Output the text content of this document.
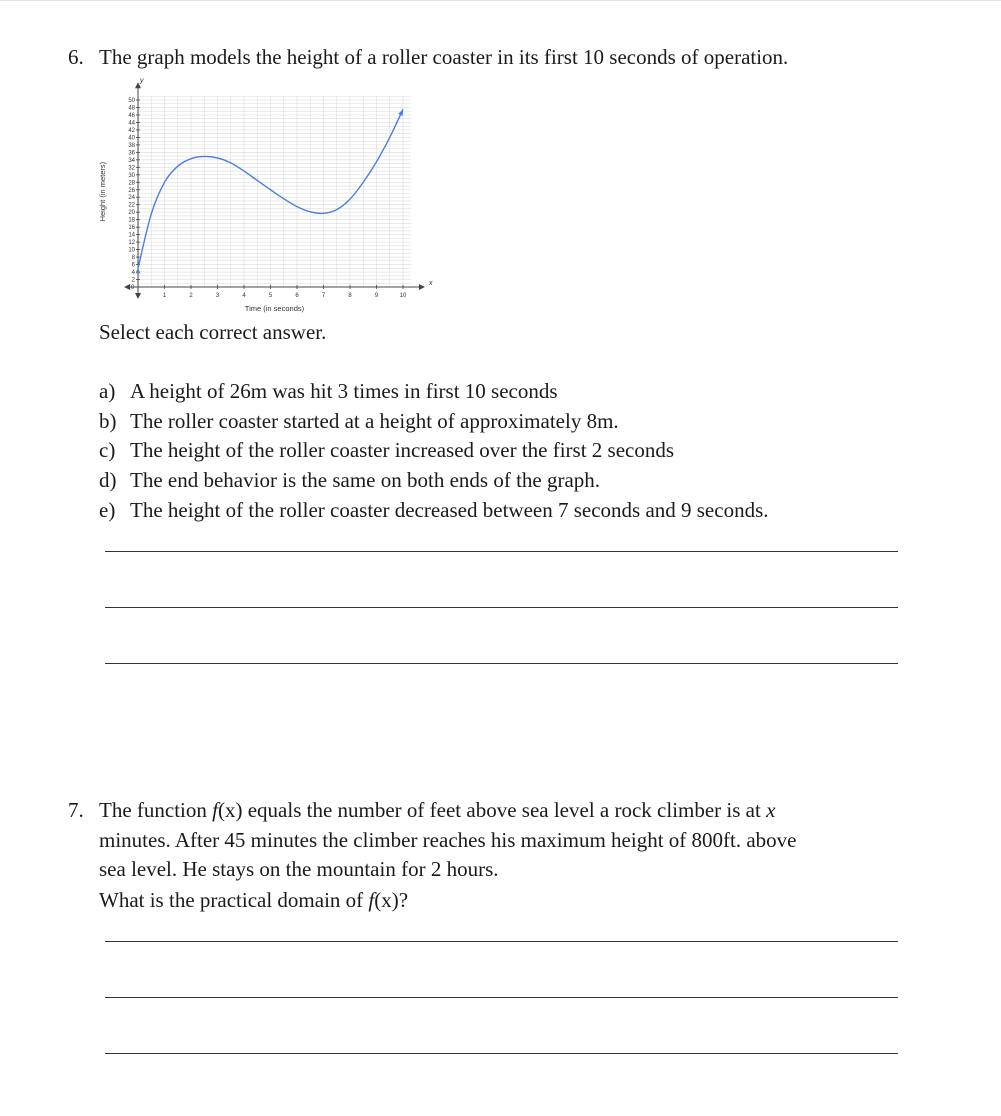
6. The graph models the height of a roller coaster in its first 10 seconds of operation.
x
y
0
1	2	3	4	5	6	7	8	9	10
2
4
6
8
10
12
14
16
18
20
22
24
26
28
30
32
34
36
38
40
42
44
46
48
50
Time (in seconds)
Height (in meters)
Select each correct answer.
a) A height of 26m was hit 3 times in first 10 seconds
b) The roller coaster started at a height of approximately 8m.
c) The height of the roller coaster increased over the first 2 seconds
d) The end behavior is the same on both ends of the graph.
e) The height of the roller coaster decreased between 7 seconds and 9 seconds.
7. The function f(x) equals the number of feet above sea level a rock climber is at x
minutes. After 45 minutes the climber reaches his maximum height of 800ft. above
sea level. He stays on the mountain for 2 hours.
What is the practical domain of f(x)?
